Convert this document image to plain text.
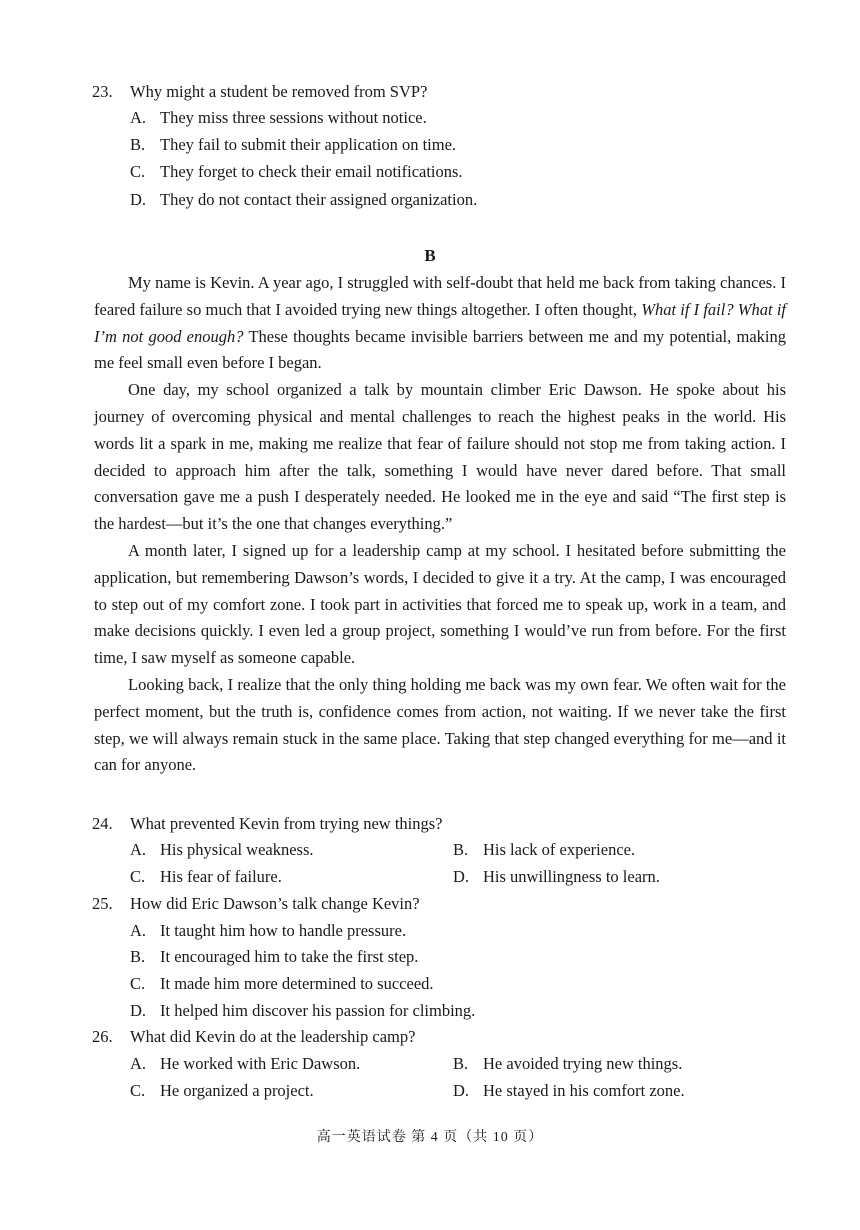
23. Why might a student be removed from SVP?
A. They miss three sessions without notice.
B. They fail to submit their application on time.
C. They forget to check their email notifications.
D. They do not contact their assigned organization.
B

My name is Kevin. A year ago, I struggled with self-doubt that held me back from taking chances. I feared failure so much that I avoided trying new things altogether. I often thought, What if I fail? What if I’m not good enough? These thoughts became invisible barriers between me and my potential, making me feel small even before I began.

One day, my school organized a talk by mountain climber Eric Dawson. He spoke about his journey of overcoming physical and mental challenges to reach the highest peaks in the world. His words lit a spark in me, making me realize that fear of failure should not stop me from taking action. I decided to approach him after the talk, something I would have never dared before. That small conversation gave me a push I desperately needed. He looked me in the eye and said “The first step is the hardest—but it’s the one that changes everything.”

A month later, I signed up for a leadership camp at my school. I hesitated before submitting the application, but remembering Dawson’s words, I decided to give it a try. At the camp, I was encouraged to step out of my comfort zone. I took part in activities that forced me to speak up, work in a team, and make decisions quickly. I even led a group project, something I would’ve run from before. For the first time, I saw myself as someone capable.

Looking back, I realize that the only thing holding me back was my own fear. We often wait for the perfect moment, but the truth is, confidence comes from action, not waiting. If we never take the first step, we will always remain stuck in the same place. Taking that step changed everything for me—and it can for anyone.

24. What prevented Kevin from trying new things?
A. His physical weakness.	B. His lack of experience.
C. His fear of failure.	D. His unwillingness to learn.
25. How did Eric Dawson’s talk change Kevin?
A. It taught him how to handle pressure.
B. It encouraged him to take the first step.
C. It made him more determined to succeed.
D. It helped him discover his passion for climbing.
26. What did Kevin do at the leadership camp?
A. He worked with Eric Dawson.	B. He avoided trying new things.
C. He organized a project.	D. He stayed in his comfort zone.
高一英语试卷 第 4 页（共 10 页）
